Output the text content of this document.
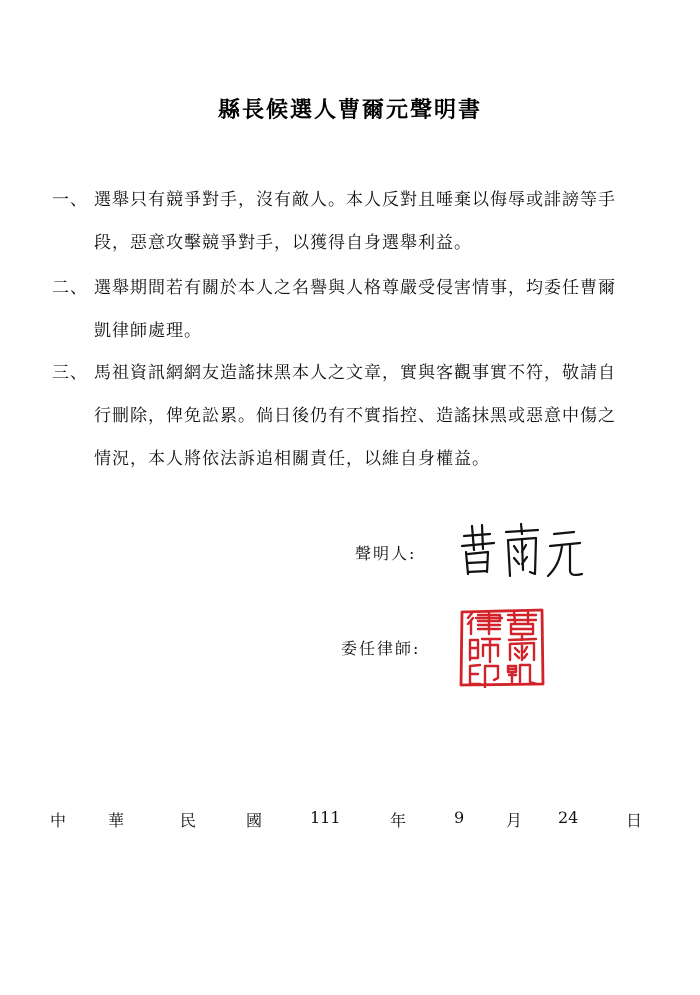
縣長候選人曹爾元聲明書
一、 選舉只有競爭對手，沒有敵人。本人反對且唾棄以侮辱或誹謗等手
段，惡意攻擊競爭對手，以獲得自身選舉利益。
二、 選舉期間若有關於本人之名譽與人格尊嚴受侵害情事，均委任曹爾
凱律師處理。
三、 馬祖資訊網網友造謠抹黑本人之文章，實與客觀事實不符，敬請自
行刪除，俾免訟累。倘日後仍有不實指控、造謠抹黑或惡意中傷之
情況，本人將依法訴追相關責任，以維自身權益。
聲明人:
委任律師:
中	華	民	國	111	年	9	月 24	日
